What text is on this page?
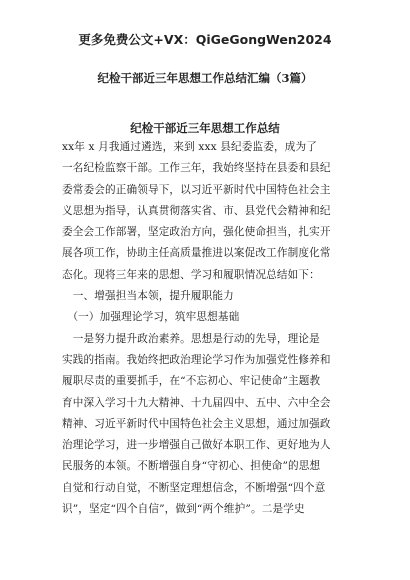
更多免费公文+VX：QiGeGongWen2024
纪检干部近三年思想工作总结汇编（3篇）
纪检干部近三年思想工作总结
xx年 x 月我通过遴选，来到 xxx 县纪委监委，成为了
一名纪检监察干部。工作三年，我始终坚持在县委和县纪
委常委会的正确领导下，以习近平新时代中国特色社会主
义思想为指导，认真贯彻落实省、市、县党代会精神和纪
委全会工作部署，坚定政治方向，强化使命担当，扎实开
展各项工作，协助主任高质量推进以案促改工作制度化常
态化。现将三年来的思想、学习和履职情况总结如下：
　一、增强担当本领，提升履职能力
　（一）加强理论学习，筑牢思想基础
　一是努力提升政治素养。思想是行动的先导，理论是
实践的指南。我始终把政治理论学习作为加强党性修养和
履职尽责的重要抓手，在“不忘初心、牢记使命”主题教
育中深入学习十九大精神、十九届四中、五中、六中全会
精神、习近平新时代中国特色社会主义思想，通过加强政
治理论学习，进一步增强自己做好本职工作、更好地为人
民服务的本领。不断增强自身“守初心、担使命”的思想
自觉和行动自觉，不断坚定理想信念，不断增强“四个意
识”，坚定“四个自信”，做到“两个维护”。二是学史
